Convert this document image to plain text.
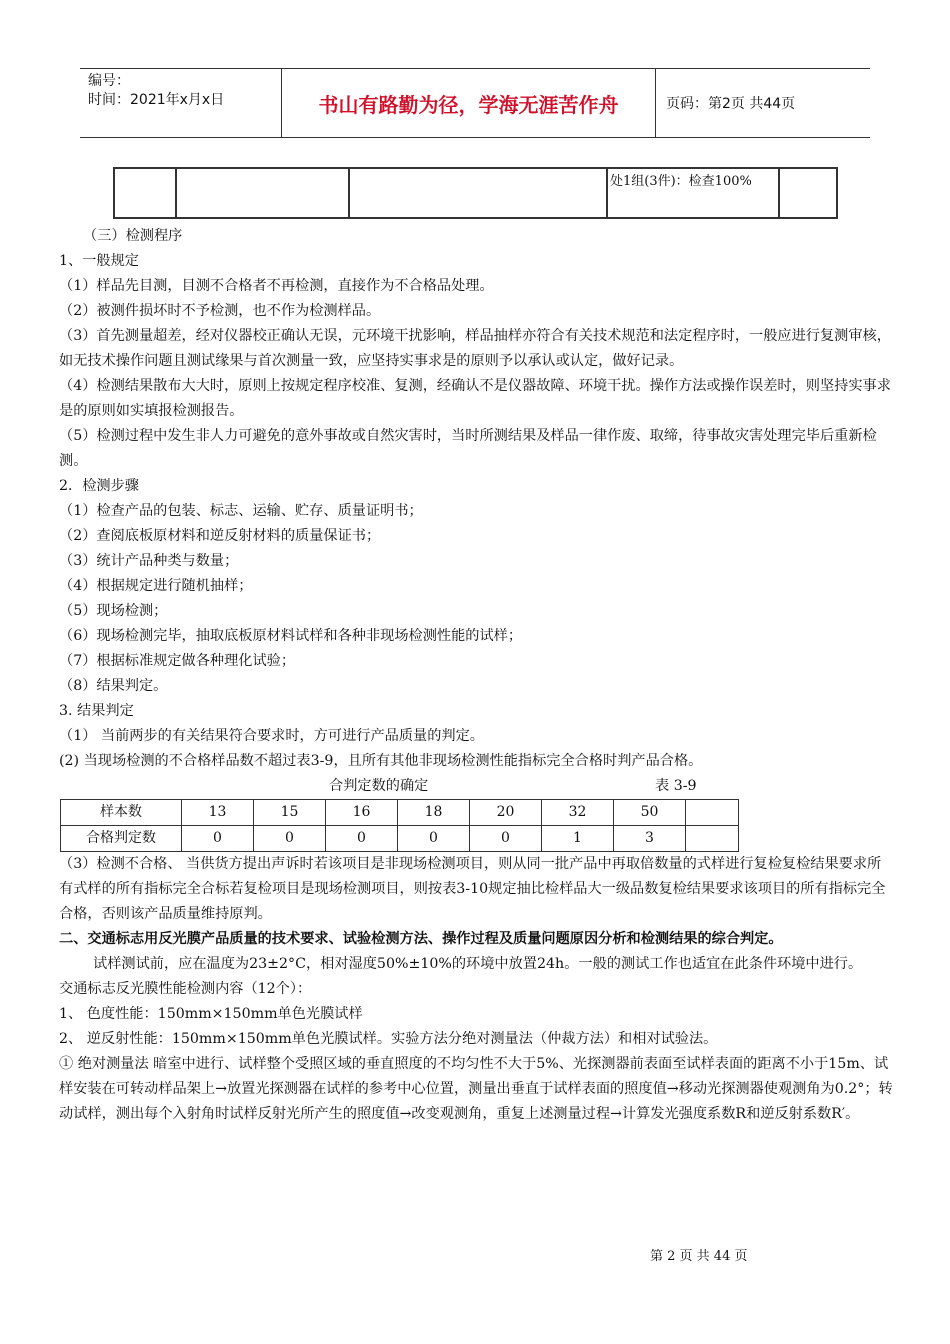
编号：
时间：2021年x月x日	书山有路勤为径，学海无涯苦作舟	页码：第2页 共44页
			处1组(3件)：检查100%	

（三）检测程序

1、一般规定

（1）样品先目测，目测不合格者不再检测，直接作为不合格品处理。

（2）被测件损坏时不予检测，也不作为检测样品。

（3）首先测量超差，经对仪器校正确认无误，元环境干扰影响，样品抽样亦符合有关技术规范和法定程序时，一般应进行复测审核，如无技术操作问题且测试缘果与首次测量一致，应坚持实事求是的原则予以承认或认定，做好记录。

（4）检测结果散布大大时，原则上按规定程序校准、复测，经确认不是仪器故障、环境干扰。操作方法或操作误差时，则坚持实事求是的原则如实填报检测报告。

（5）检测过程中发生非人力可避免的意外事故或自然灾害时，当时所测结果及样品一律作废、取缔，待事故灾害处理完毕后重新检测。

2．检测步骤

（1）检查产品的包装、标志、运输、贮存、质量证明书；

（2）查阅底板原材料和逆反射材料的质量保证书；

（3）统计产品种类与数量；

（4）根据规定进行随机抽样；

（5）现场检测；

（6）现场检测完毕，抽取底板原材料试样和各种非现场检测性能的试样；

（7）根据标准规定做各种理化试验；

（8）结果判定。

3. 结果判定

（1） 当前两步的有关结果符合要求时，方可进行产品质量的判定。

(2) 当现场检测的不合格样品数不超过表3-9，且所有其他非现场检测性能指标完全合格时判产品合格。

合判定数的确定	表 3-9
样本数	13	15	16	18	20	32	50	
合格判定数	0	0	0	0	0	1	3	

（3）检测不合格、 当供货方提出声诉时若该项目是非现场检测项目，则从同一批产品中再取倍数量的式样进行复检复检结果要求所有式样的所有指标完全合标若复检项目是现场检测项目，则按表3-10规定抽比检样品大一级品数复检结果要求该项目的所有指标完全合格，否则该产品质量维持原判。

二、交通标志用反光膜产品质量的技术要求、试验检测方法、操作过程及质量问题原因分析和检测结果的综合判定。

试样测试前，应在温度为23±2°C，相对湿度50%±10%的环境中放置24h。一般的测试工作也适宜在此条件环境中进行。

交通标志反光膜性能检测内容（12个）：

1、 色度性能：150mm×150mm单色光膜试样

2、 逆反射性能：150mm×150mm单色光膜试样。实验方法分绝对测量法（仲裁方法）和相对试验法。

① 绝对测量法 暗室中进行、试样整个受照区域的垂直照度的不均匀性不大于5%、光探测器前表面至试样表面的距离不小于15m、试样安装在可转动样品架上→放置光探测器在试样的参考中心位置，测量出垂直于试样表面的照度值→移动光探测器使观测角为0.2°；转动试样，测出每个入射角时试样反射光所产生的照度值→改变观测角，重复上述测量过程→计算发光强度系数R和逆反射系数R′。

第 2 页 共 44 页
